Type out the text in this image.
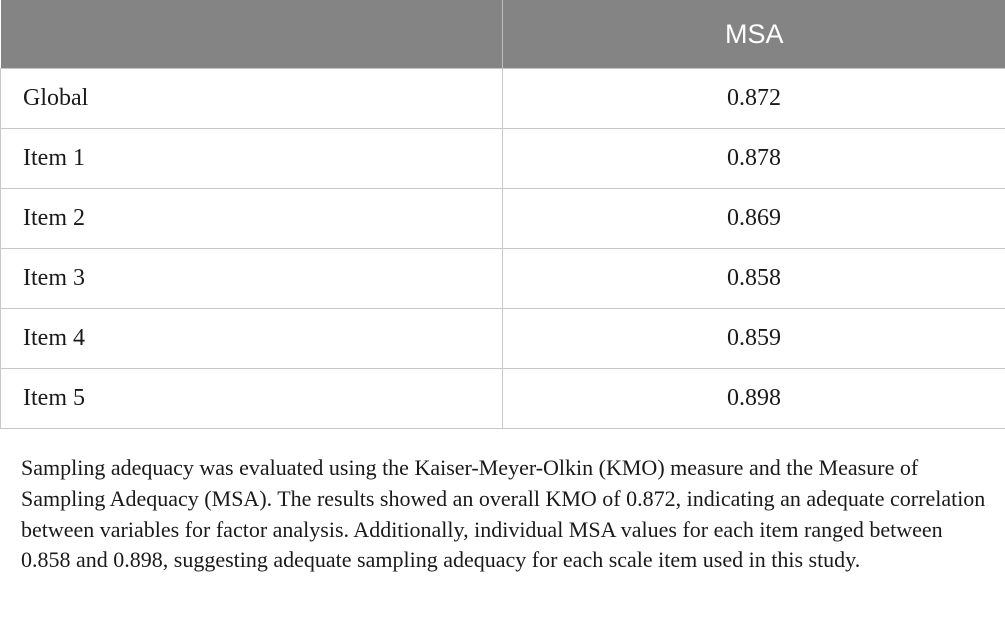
	MSA
Global	0.872
Item 1	0.878
Item 2	0.869
Item 3	0.858
Item 4	0.859
Item 5	0.898

Sampling adequacy was evaluated using the Kaiser-Meyer-Olkin (KMO) measure and the Measure of Sampling Adequacy (MSA). The results showed an overall KMO of 0.872, indicating an adequate correlation between variables for factor analysis. Additionally, individual MSA values for each item ranged between 0.858 and 0.898, suggesting adequate sampling adequacy for each scale item used in this study.
